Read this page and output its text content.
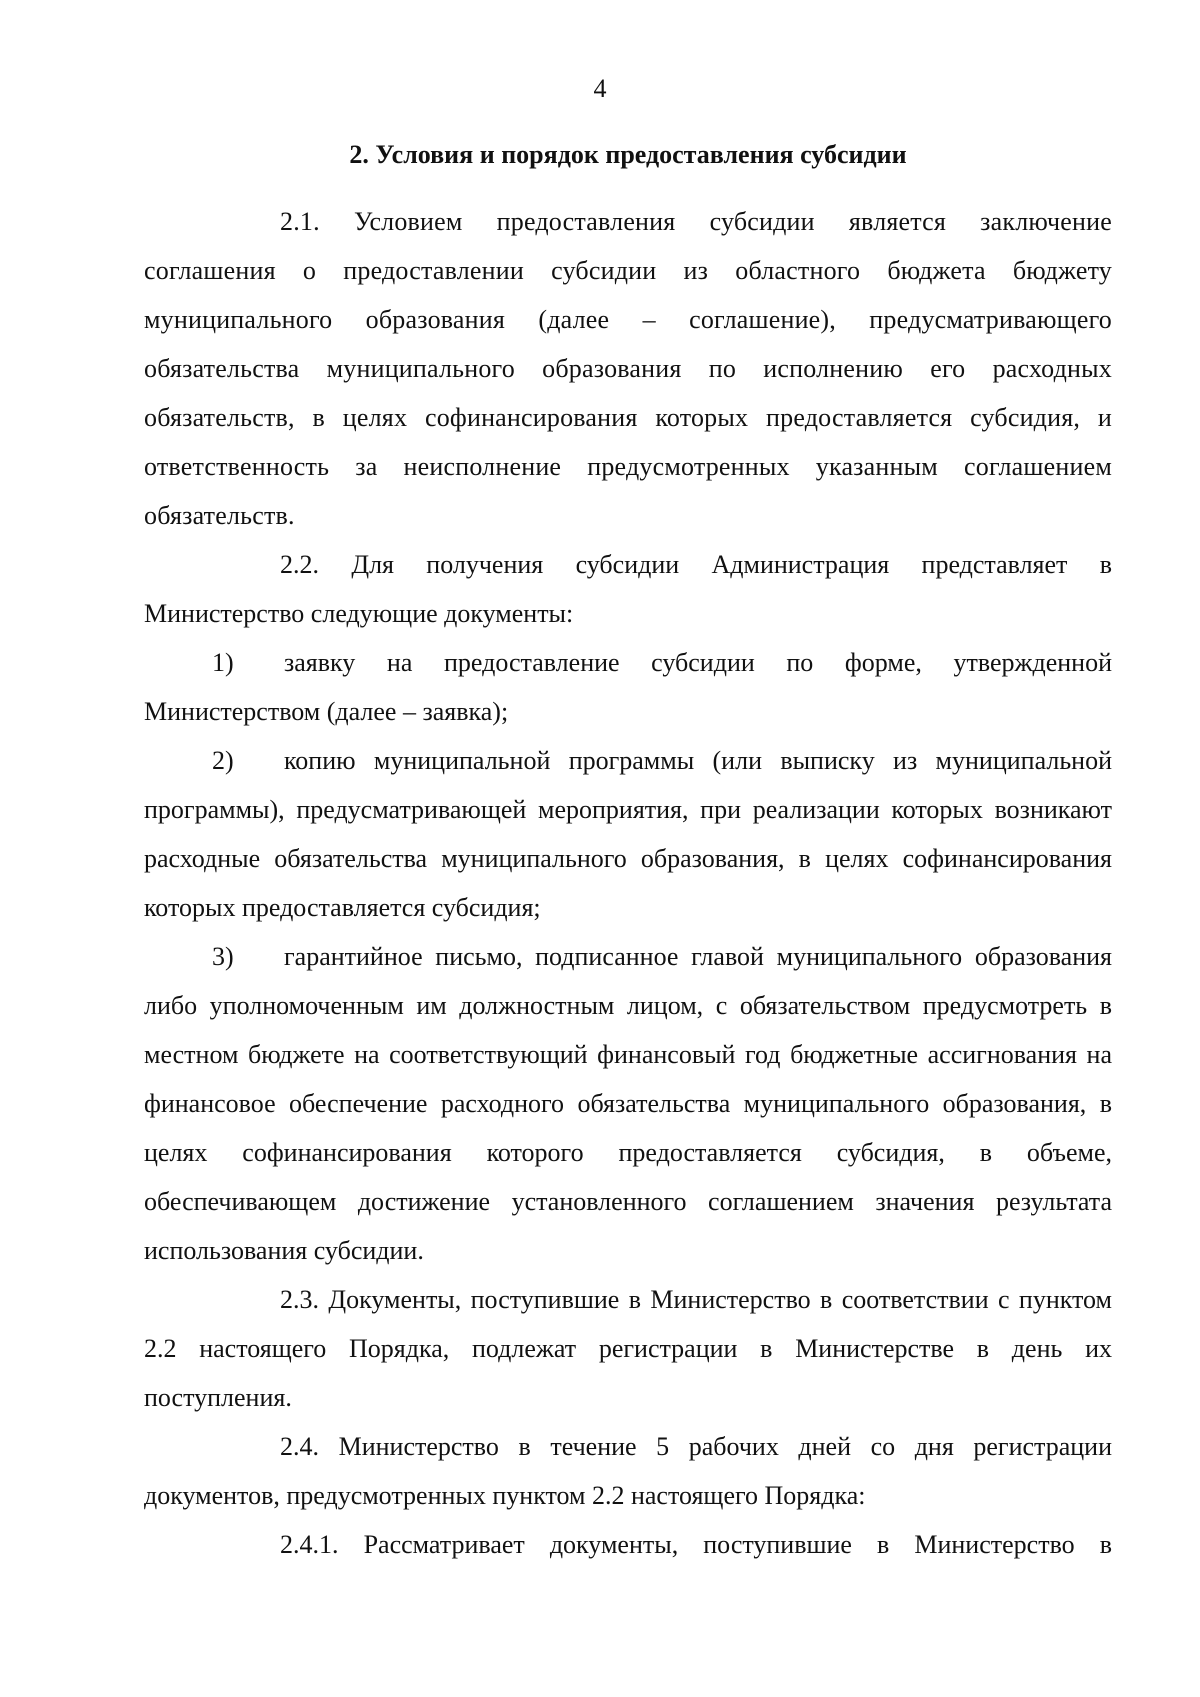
4

2. Условия и порядок предоставления субсидии

2.1. Условием предоставления субсидии является заключение соглашения о предоставлении субсидии из областного бюджета бюджету муниципального образования (далее – соглашение), предусматривающего обязательства муниципального образования по исполнению его расходных обязательств, в целях софинансирования которых предоставляется субсидия, и ответственность за неисполнение предусмотренных указанным соглашением обязательств.

2.2. Для получения субсидии Администрация представляет в Министерство следующие документы:

1) заявку на предоставление субсидии по форме, утвержденной Министерством (далее – заявка);

2) копию муниципальной программы (или выписку из муниципальной программы), предусматривающей мероприятия, при реализации которых возникают расходные обязательства муниципального образования, в целях софинансирования которых предоставляется субсидия;

3) гарантийное письмо, подписанное главой муниципального образования либо уполномоченным им должностным лицом, с обязательством предусмотреть в местном бюджете на соответствующий финансовый год бюджетные ассигнования на финансовое обеспечение расходного обязательства муниципального образования, в целях софинансирования которого предоставляется субсидия, в объеме, обеспечивающем достижение установленного соглашением значения результата использования субсидии.

2.3. Документы, поступившие в Министерство в соответствии с пунктом 2.2 настоящего Порядка, подлежат регистрации в Министерстве в день их поступления.

2.4. Министерство в течение 5 рабочих дней со дня регистрации документов, предусмотренных пунктом 2.2 настоящего Порядка:

2.4.1. Рассматривает документы, поступившие в Министерство в
